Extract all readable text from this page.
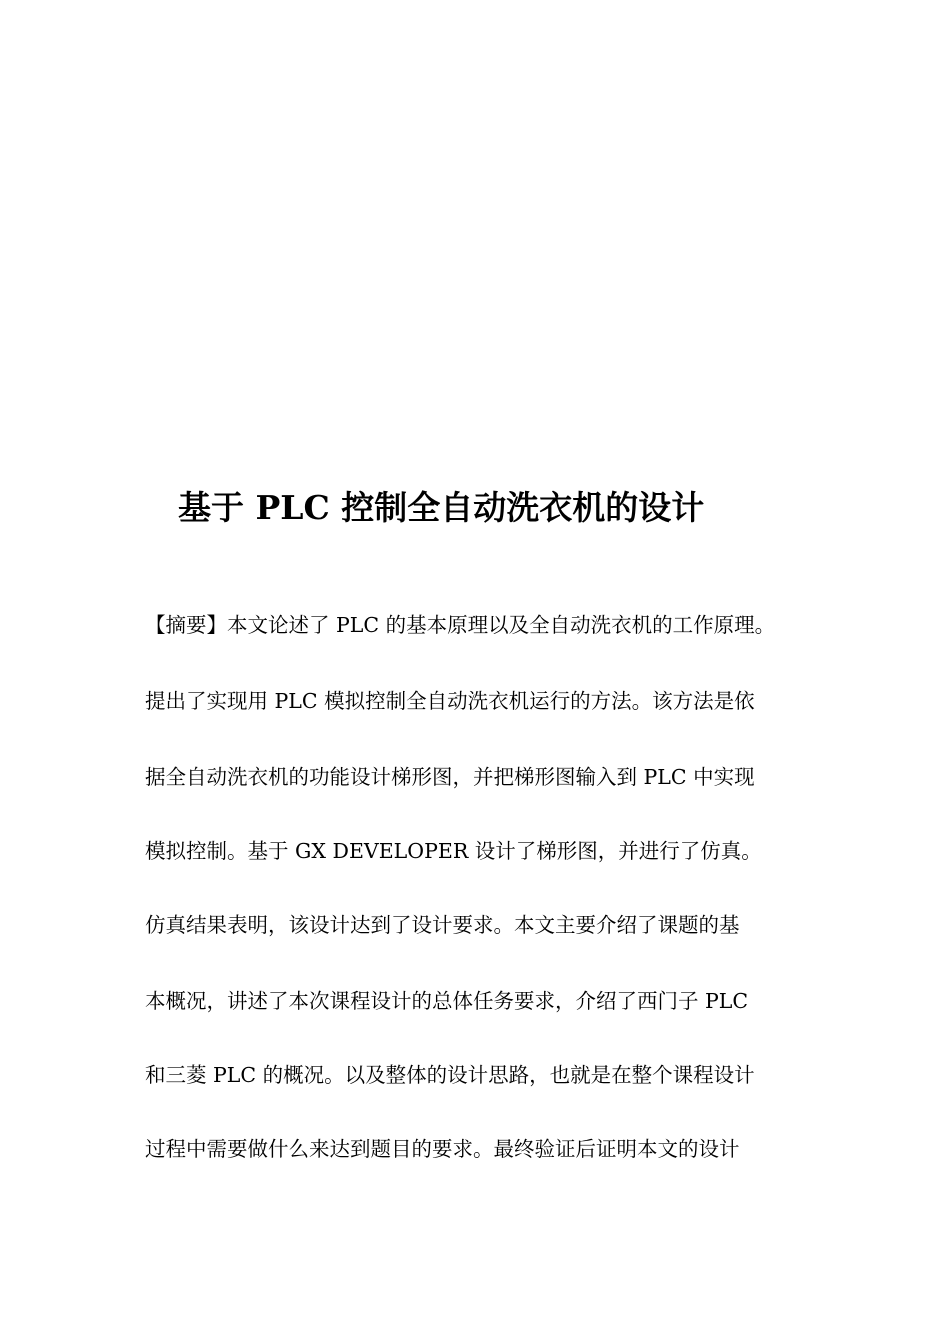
基于 PLC 控制全自动洗衣机的设计
【摘要】本文论述了 PLC 的基本原理以及全自动洗衣机的工作原理。
提出了实现用 PLC 模拟控制全自动洗衣机运行的方法。该方法是依
据全自动洗衣机的功能设计梯形图，并把梯形图输入到 PLC 中实现
模拟控制。基于 GX DEVELOPER 设计了梯形图，并进行了仿真。
仿真结果表明，该设计达到了设计要求。本文主要介绍了课题的基
本概况，讲述了本次课程设计的总体任务要求，介绍了西门子 PLC
和三菱 PLC 的概况。以及整体的设计思路，也就是在整个课程设计
过程中需要做什么来达到题目的要求。最终验证后证明本文的设计
